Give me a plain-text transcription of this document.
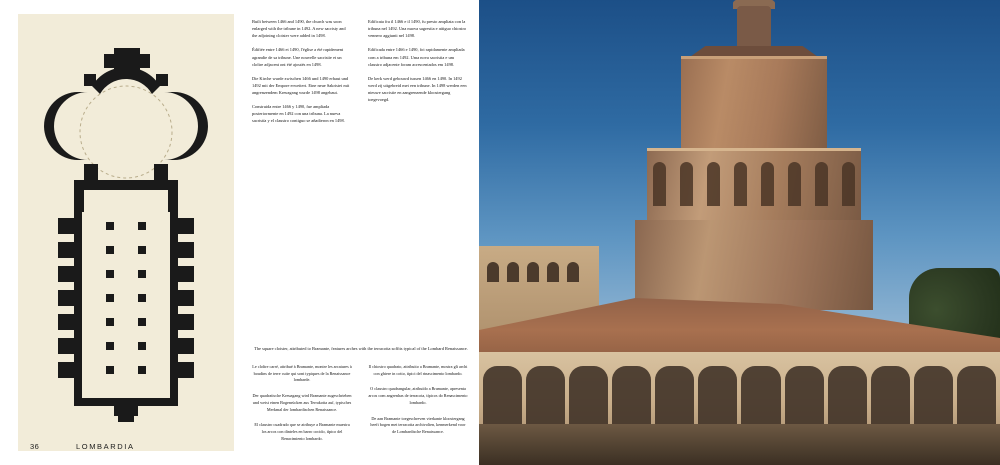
36	LOMBARDIA

Built between 1466 and 1490, the church was soon enlarged with the tribune in 1492. A new sacristy and the adjoining cloister were added in 1498.

Édifiée entre 1466 et 1490, l'église a été rapidement agrandie de sa tribune. Une nouvelle sacristie et un cloître adjacent ont été ajoutés en 1498.

Die Kirche wurde zwischen 1466 und 1490 erbaut und 1492 mit der Empore erweitert. Eine neue Sakristei mit angrenzendem Kreuzgang wurde 1498 angebaut.

Construida entre 1466 y 1490, fue ampliada posteriormente en 1492 con una tribuna. La nueva sacristía y el claustro contiguo se añadieron en 1498.

Edificata fra il 1466 e il 1490, fu presto ampliata con la tribuna nel 1492. Una nuova sagrestia e attiguo chiostro vennero aggiunti nel 1498.

Edificada entre 1466 e 1490, foi rapidamente ampliada com a tribuna em 1492. Uma nova sacristia e um claustro adjacente foram acrescentados em 1498.

De kerk werd gebouwd tussen 1466 en 1490. In 1492 werd zij uitgebreid met een tribune. In 1498 werden een nieuwe sacristie en aangrenzende kloostergang toegevoegd.

The square cloister, attributed to Bramante, features arches with the terracotta soffits typical of the Lombard Renaissance.

Le cloître carré, attribué à Bramante, montre les arcatures à boudins de terre cuite qui sont typiques de la Renaissance lombarde.

Der quadratische Kreuzgang wird Bramante zugeschrieben und weist einen Bogenrücken aus Terrakotta auf, typisches Merkmal der lombardischen Renaissance.

El claustro cuadrado que se atribuye a Bramante muestra los arcos con dinteles en barro cocido, típico del Renacimiento lombardo.

Il chiostro quadrato, attribuito a Bramante, mostra gli archi con ghiere in cotto, tipici del rinascimento lombardo.

O claustro quadrangular, atribuído a Bramante, apresenta arcos com angrenhas de terracota, típicos do Renascimento lombardo.

De aan Bramante toegeschreven vierkante kloostergang heeft bogen met terracotta archivolten, kenmerkend voor de Lombardische Renaissance.
